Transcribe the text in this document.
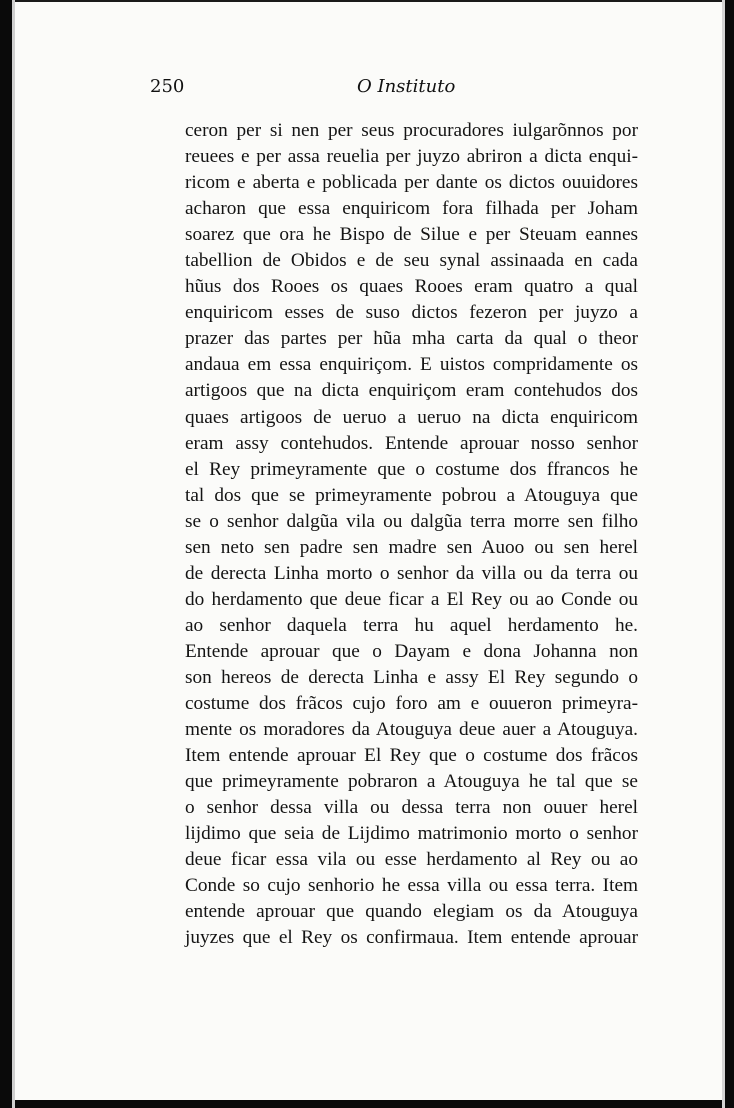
250	O Instituto
ceron per si nen per seus procuradores iulgarõnnos por
reuees e per assa reuelia per juyzo abriron a dicta enqui-
ricom e aberta e poblicada per dante os dictos ouuidores
acharon que essa enquiricom fora filhada per Joham
soarez que ora he Bispo de Silue e per Steuam eannes
tabellion de Obidos e de seu synal assinaada en cada
hũus dos Rooes os quaes Rooes eram quatro a qual
enquiricom esses de suso dictos fezeron per juyzo a
prazer das partes per hũa mha carta da qual o theor
andaua em essa enquiriçom. E uistos compridamente os
artigoos que na dicta enquiriçom eram contehudos dos
quaes artigoos de ueruo a ueruo na dicta enquiricom
eram assy contehudos. Entende aprouar nosso senhor
el Rey primeyramente que o costume dos ffrancos he
tal dos que se primeyramente pobrou a Atouguya que
se o senhor dalgũa vila ou dalgũa terra morre sen filho
sen neto sen padre sen madre sen Auoo ou sen herel
de derecta Linha morto o senhor da villa ou da terra ou
do herdamento que deue ficar a El Rey ou ao Conde ou
ao senhor daquela terra hu aquel herdamento he.
Entende aprouar que o Dayam e dona Johanna non
son hereos de derecta Linha e assy El Rey segundo o
costume dos frãcos cujo foro am e ouueron primeyra-
mente os moradores da Atouguya deue auer a Atouguya.
Item entende aprouar El Rey que o costume dos frãcos
que primeyramente pobraron a Atouguya he tal que se
o senhor dessa villa ou dessa terra non ouuer herel
lijdimo que seia de Lijdimo matrimonio morto o senhor
deue ficar essa vila ou esse herdamento al Rey ou ao
Conde so cujo senhorio he essa villa ou essa terra. Item
entende aprouar que quando elegiam os da Atouguya
juyzes que el Rey os confirmaua. Item entende aprouar
